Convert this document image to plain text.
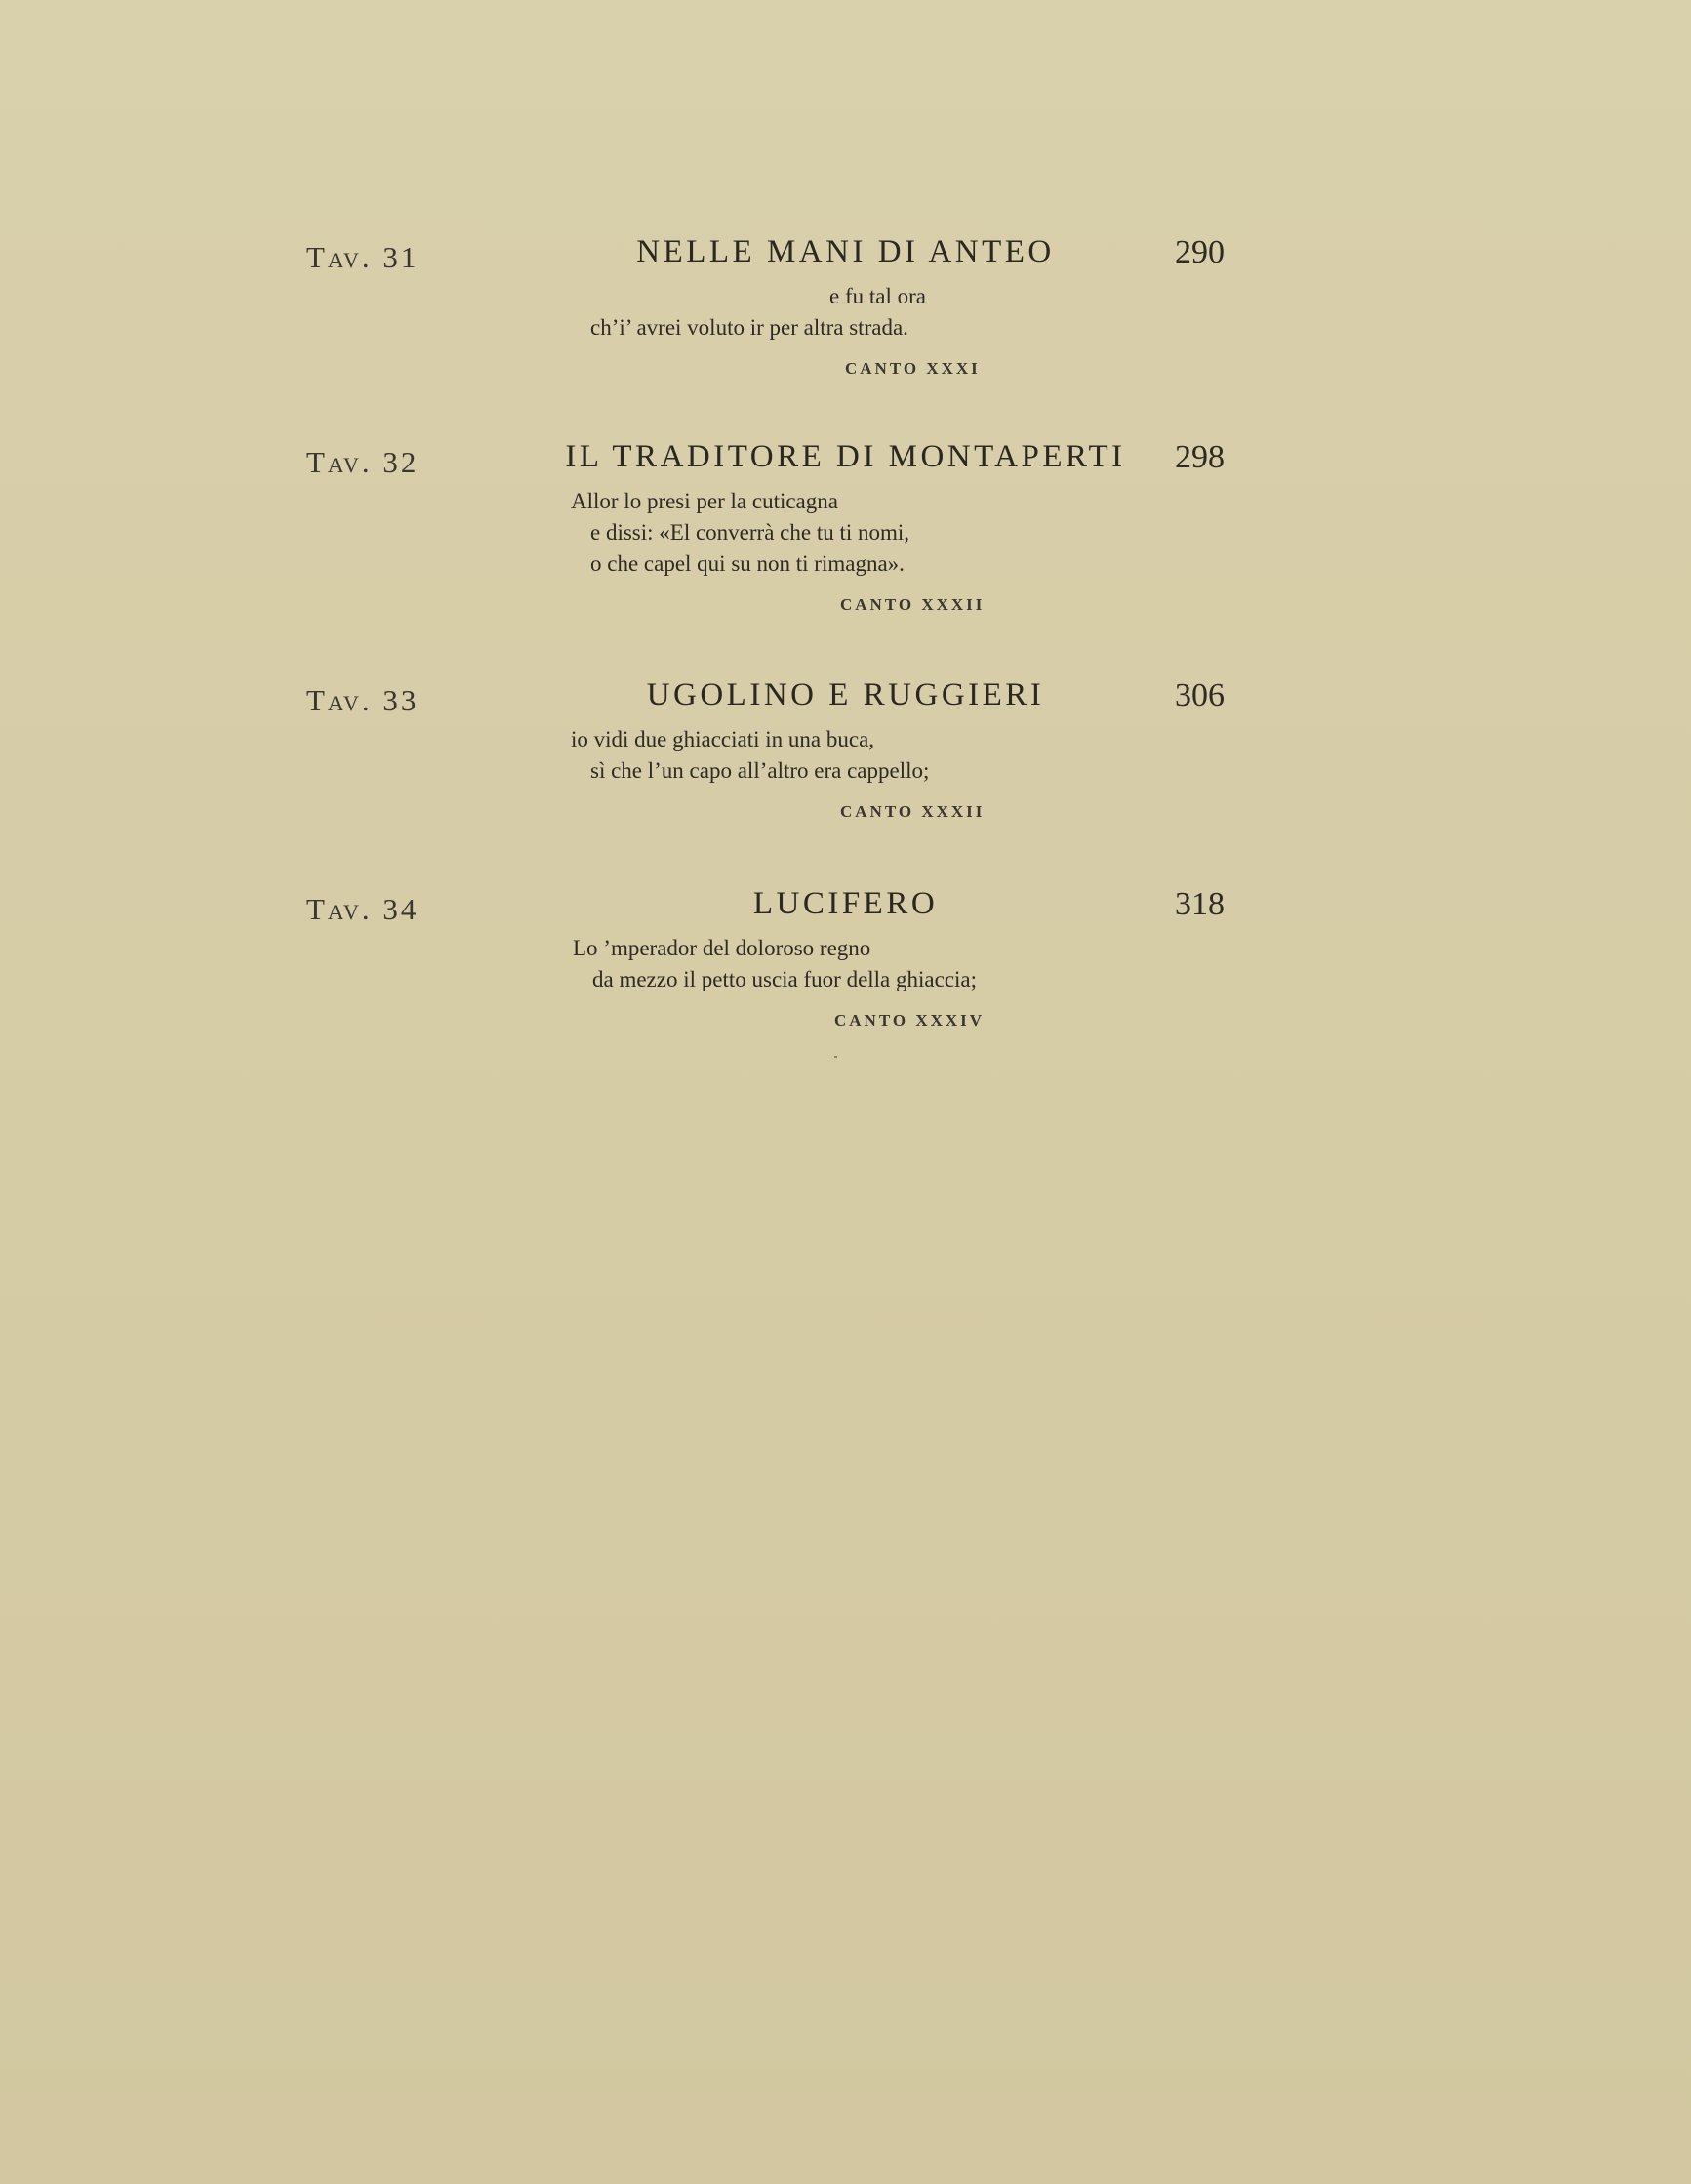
Tav. 31	NELLE MANI DI ANTEO	290
e fu tal ora
ch’i’ avrei voluto ir per altra strada.
CANTO XXXI
Tav. 32	IL TRADITORE DI MONTAPERTI	298
Allor lo presi per la cuticagna
e dissi: «El converrà che tu ti nomi,
o che capel qui su non ti rimagna».
CANTO XXXII
Tav. 33	UGOLINO E RUGGIERI	306
io vidi due ghiacciati in una buca,
sì che l’un capo all’altro era cappello;
CANTO XXXII
Tav. 34	LUCIFERO	318
Lo ’mperador del doloroso regno
da mezzo il petto uscia fuor della ghiaccia;
CANTO XXXIV
